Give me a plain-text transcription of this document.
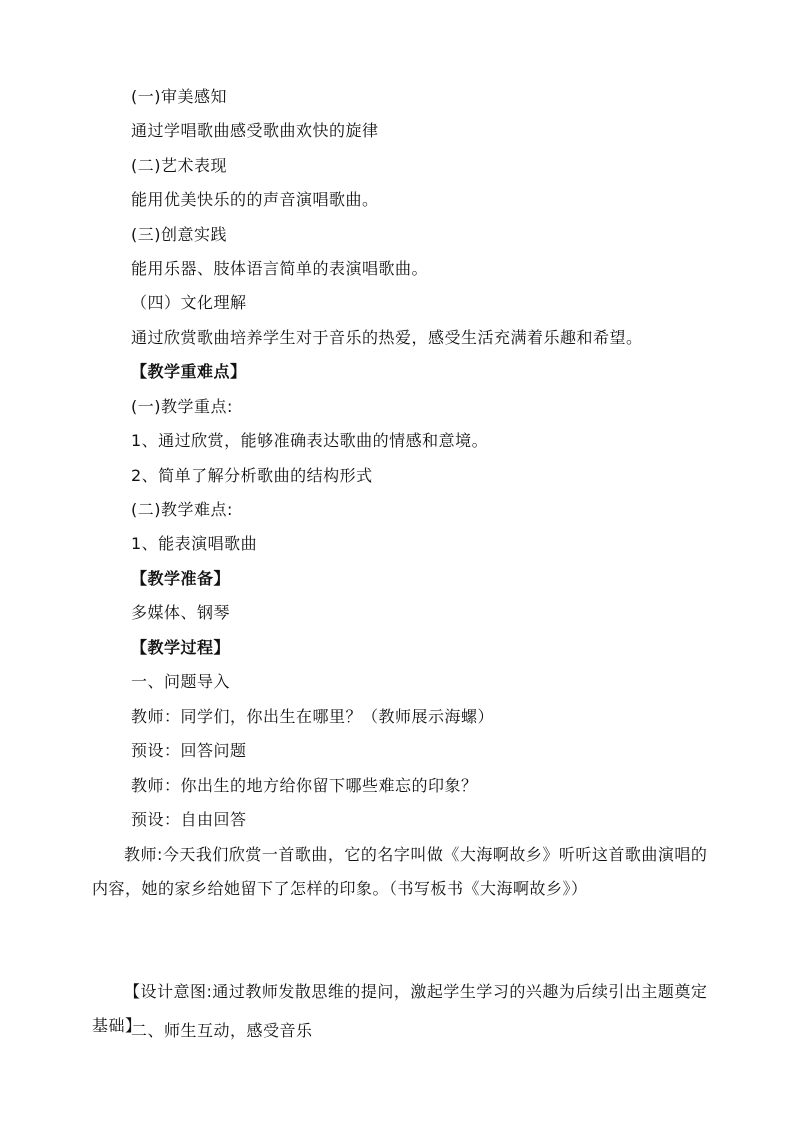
(一)审美感知
通过学唱歌曲感受歌曲欢快的旋律
(二)艺术表现
能用优美快乐的的声音演唱歌曲。
(三)创意实践
能用乐器、肢体语言简单的表演唱歌曲。
（四）文化理解
通过欣赏歌曲培养学生对于音乐的热爱，感受生活充满着乐趣和希望。
【教学重难点】
(一)教学重点:
1、通过欣赏，能够准确表达歌曲的情感和意境。
2、简单了解分析歌曲的结构形式
(二)教学难点:
1、能表演唱歌曲
【教学准备】
多媒体、钢琴
【教学过程】
一、问题导入
教师：同学们，你出生在哪里？（教师展示海螺）
预设：回答问题
教师：你出生的地方给你留下哪些难忘的印象？
预设：自由回答
教师:今天我们欣赏一首歌曲，它的名字叫做《大海啊故乡》听听这首歌曲演唱的内容，她的家乡给她留下了怎样的印象。（书写板书《大海啊故乡》）
【设计意图:通过教师发散思维的提问，激起学生学习的兴趣为后续引出主题奠定基础】
二、师生互动，感受音乐
